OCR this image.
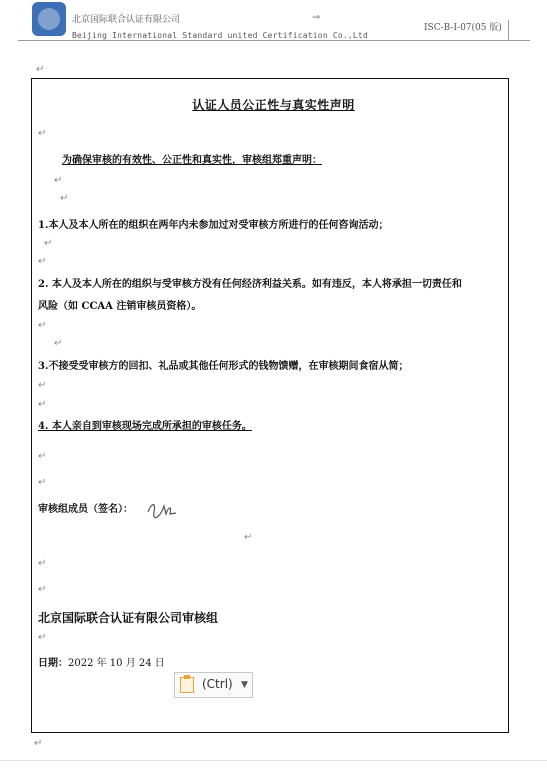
北京国际联合认证有限公司
Beijing International Standard united Certification Co.,Ltd
⇒
ISC-B-I-07(05 版)
↵
认证人员公正性与真实性声明
↵
为确保审核的有效性、公正性和真实性，审核组郑重声明：
↵
↵
1.本人及本人所在的组织在两年内未参加过对受审核方所进行的任何咨询活动；
↵
↵
2. 本人及本人所在的组织与受审核方没有任何经济利益关系。如有违反，本人将承担一切责任和
风险（如 CCAA 注销审核员资格）。
↵
↵
3.不接受受审核方的回扣、礼品或其他任何形式的钱物馈赠，在审核期间食宿从简；
↵
↵
4. 本人亲自到审核现场完成所承担的审核任务。
↵
↵
审核组成员（签名）：
↵
↵
↵
北京国际联合认证有限公司审核组
↵
日期：2022 年 10 月 24 日
(Ctrl) ▼
↵
